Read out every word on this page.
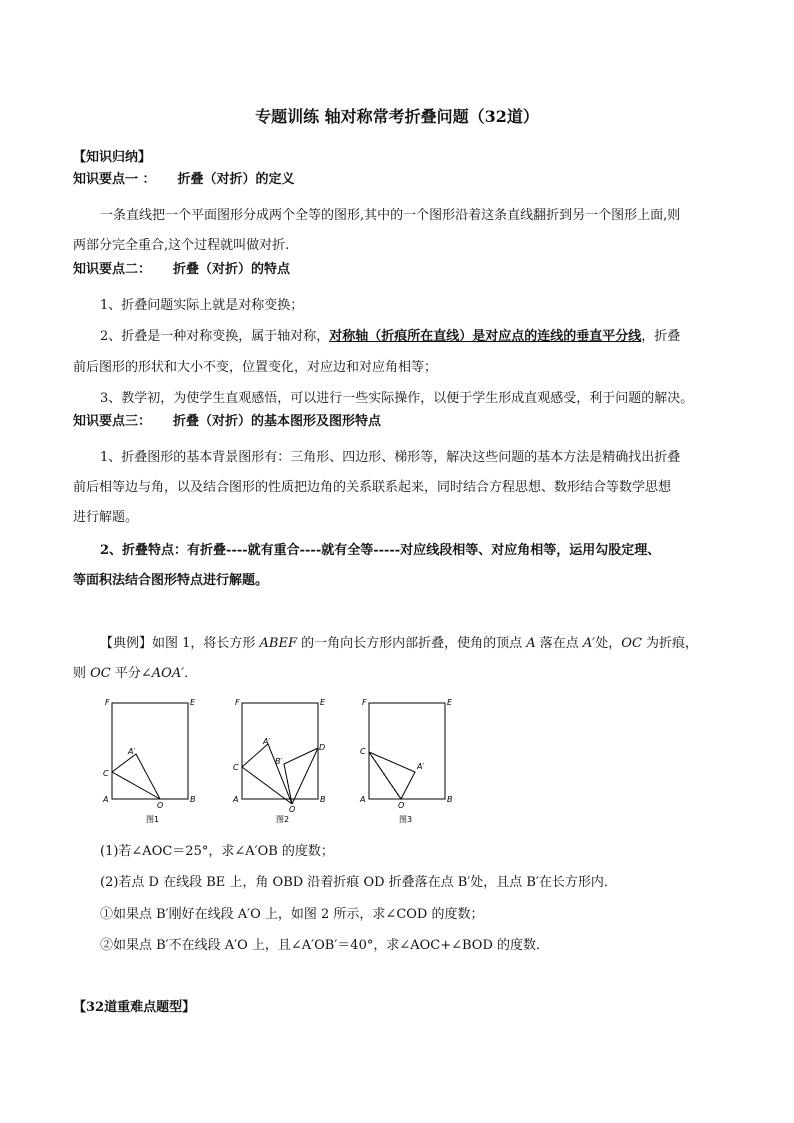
专题训练 轴对称常考折叠问题（32道）
【知识归纳】
知识要点一 ： 折叠（对折）的定义
一条直线把一个平面图形分成两个全等的图形,其中的一个图形沿着这条直线翻折到另一个图形上面,则
两部分完全重合,这个过程就叫做对折.
知识要点二： 折叠（对折）的特点
1、折叠问题实际上就是对称变换；
2、折叠是一种对称变换，属于轴对称，对称轴（折痕所在直线）是对应点的连线的垂直平分线，折叠
前后图形的形状和大小不变，位置变化，对应边和对应角相等；
3、教学初，为使学生直观感悟，可以进行一些实际操作，以便于学生形成直观感受，利于问题的解决。
知识要点三： 折叠（对折）的基本图形及图形特点
1、折叠图形的基本背景图形有：三角形、四边形、梯形等，解决这些问题的基本方法是精确找出折叠
前后相等边与角，以及结合图形的性质把边角的关系联系起来，同时结合方程思想、数形结合等数学思想
进行解题。
2、折叠特点：有折叠----就有重合----就有全等-----对应线段相等、对应角相等，运用勾股定理、
等面积法结合图形特点进行解题。
【典例】如图 1，将长方形 ABEF 的一角向长方形内部折叠，使角的顶点 A 落在点 A′处，OC 为折痕，
则 OC 平分∠AOA′．
F	E
A′
C
A
O
B
图1
F	E
A′
B′
D
C
A
O
B
图2
F	E
C
A′
A
O
B
图3
(1)若∠AOC＝25°，求∠A′OB 的度数；
(2)若点 D 在线段 BE 上，角 OBD 沿着折痕 OD 折叠落在点 B′处，且点 B′在长方形内．
①如果点 B′刚好在线段 A′O 上，如图 2 所示，求∠COD 的度数；
②如果点 B′不在线段 A′O 上，且∠A′OB′＝40°，求∠AOC+∠BOD 的度数．
【32道重难点题型】
